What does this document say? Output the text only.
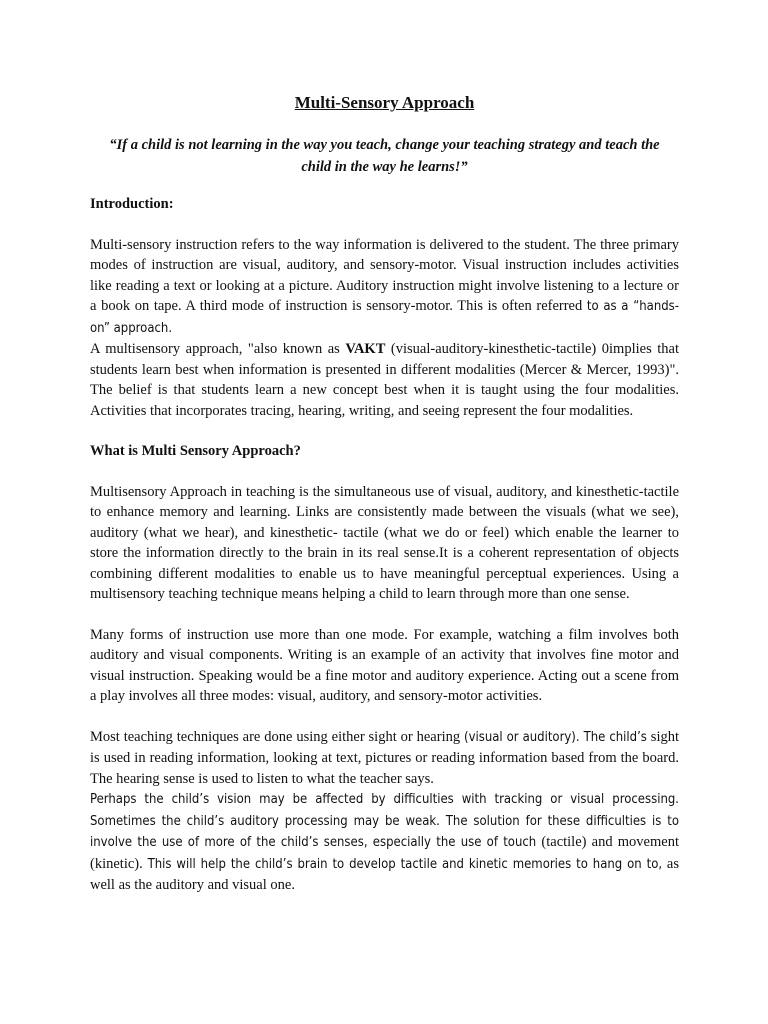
Multi-Sensory Approach
“If a child is not learning in the way you teach, change your teaching strategy and teach the child in the way he learns!”
Introduction:
Multi-sensory instruction refers to the way information is delivered to the student. The three primary modes of instruction are visual, auditory, and sensory-motor. Visual instruction includes activities like reading a text or looking at a picture. Auditory instruction might involve listening to a lecture or a book on tape. A third mode of instruction is sensory-motor. This is often referred to as a “hands-on” approach.
A multisensory approach, "also known as VAKT (visual-auditory-kinesthetic-tactile) 0implies that students learn best when information is presented in different modalities (Mercer & Mercer, 1993)". The belief is that students learn a new concept best when it is taught using the four modalities. Activities that incorporates tracing, hearing, writing, and seeing represent the four modalities.
What is Multi Sensory Approach?
Multisensory Approach in teaching is the simultaneous use of visual, auditory, and kinesthetic-tactile to enhance memory and learning. Links are consistently made between the visuals (what we see), auditory (what we hear), and kinesthetic- tactile (what we do or feel) which enable the learner to store the information directly to the brain in its real sense.It is a coherent representation of objects combining different modalities to enable us to have meaningful perceptual experiences. Using a multisensory teaching technique means helping a child to learn through more than one sense.
Many forms of instruction use more than one mode. For example, watching a film involves both auditory and visual components. Writing is an example of an activity that involves fine motor and visual instruction. Speaking would be a fine motor and auditory experience. Acting out a scene from a play involves all three modes: visual, auditory, and sensory-motor activities.
Most teaching techniques are done using either sight or hearing (visual or auditory). The child’s sight is used in reading information, looking at text, pictures or reading information based from the board. The hearing sense is used to listen to what the teacher says.
Perhaps the child’s vision may be affected by difficulties with tracking or visual processing. Sometimes the child’s auditory processing may be weak. The solution for these difficulties is to involve the use of more of the child’s senses, especially the use of touch (tactile) and movement (kinetic). This will help the child’s brain to develop tactile and kinetic memories to hang on to, as well as the auditory and visual one.
